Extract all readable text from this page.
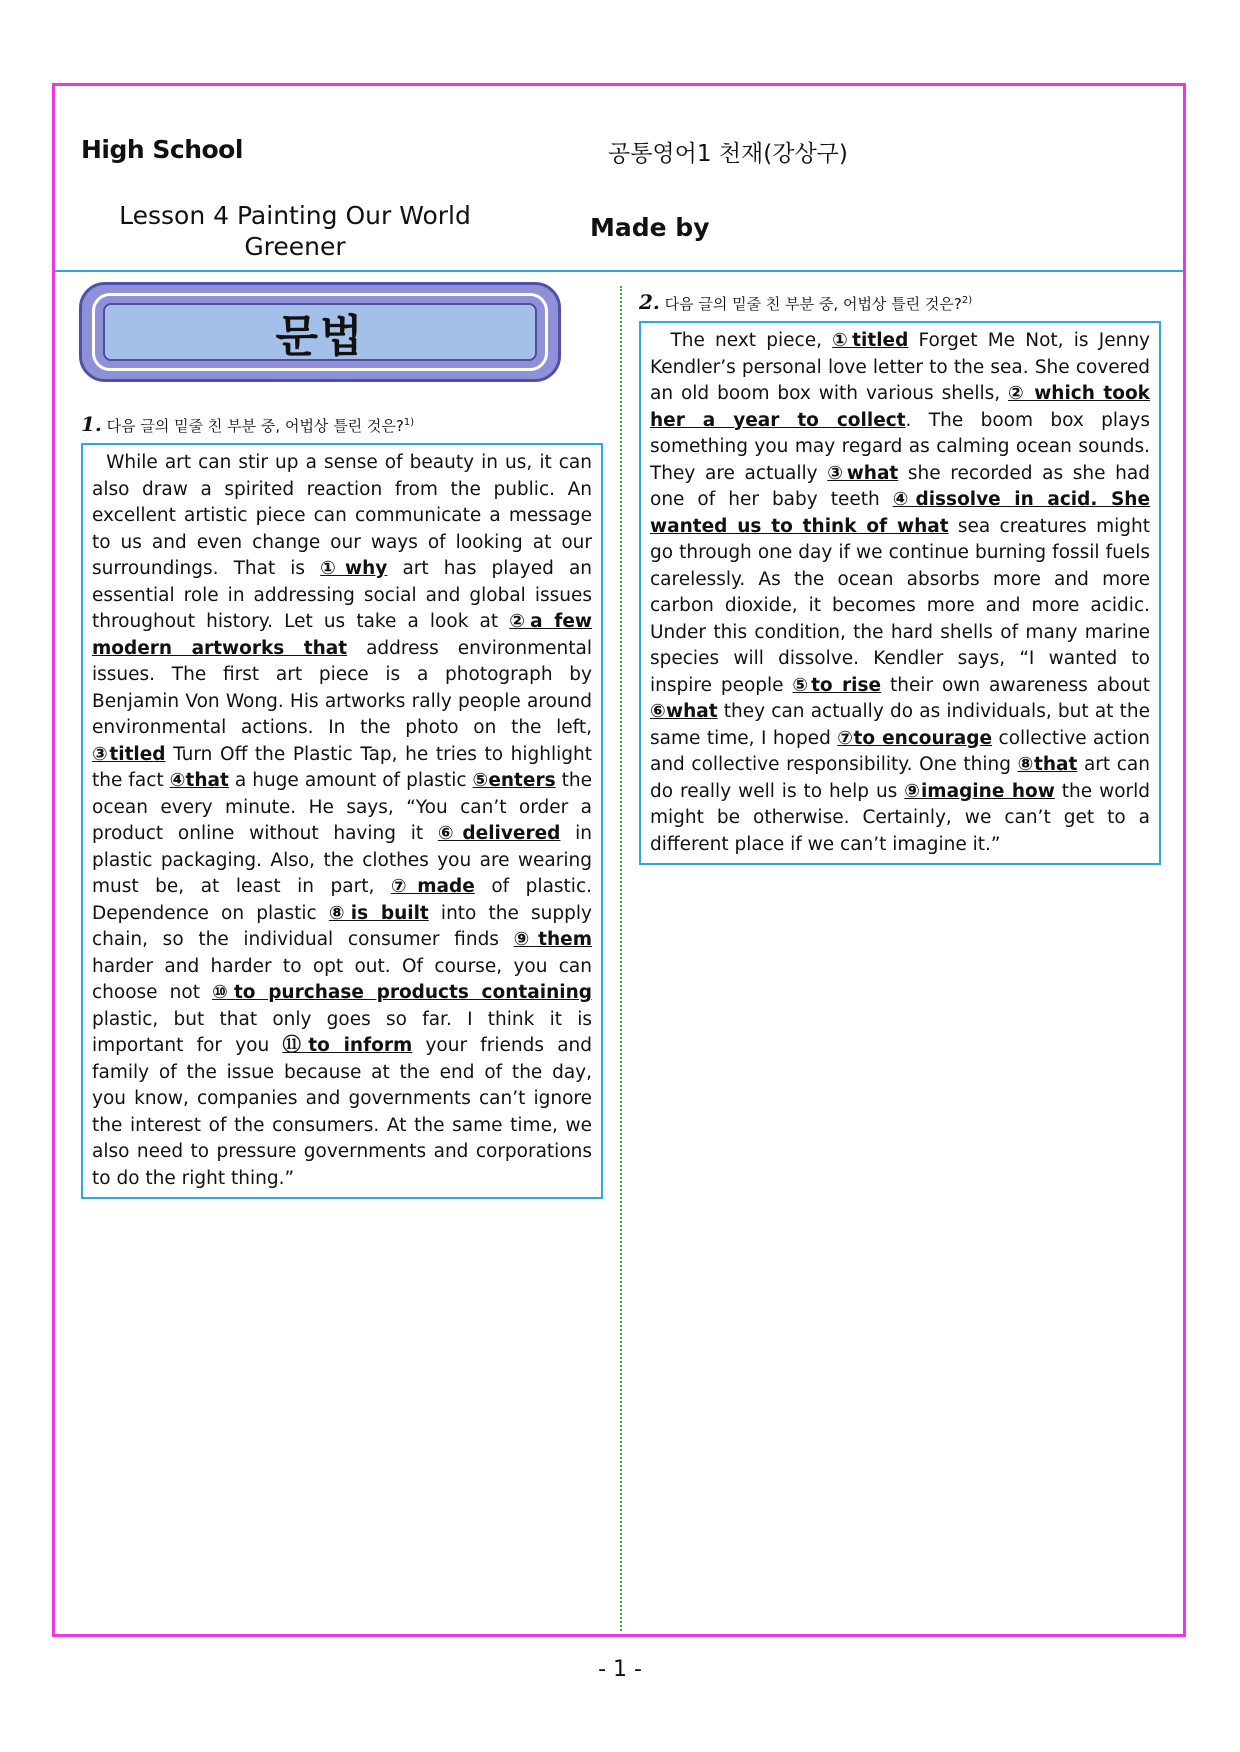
High School	공통영어1 천재(강상구)
Lesson 4 Painting Our World Greener
Made by
문법
1. 다음 글의 밑줄 친 부분 중, 어법상 틀린 것은?$^{1)}$
While art can stir up a sense of beauty in us, it can also draw a spirited reaction from the public. An excellent artistic piece can communicate a message to us and even change our ways of looking at our surroundings. That is ①why art has played an essential role in addressing social and global issues throughout history. Let us take a look at ②a few modern artworks that address environmental issues. The first art piece is a photograph by Benjamin Von Wong. His artworks rally people around environmental actions. In the photo on the left, ③titled Turn Off the Plastic Tap, he tries to highlight the fact ④that a huge amount of plastic ⑤enters the ocean every minute. He says, “You can’t order a product online without having it ⑥delivered in plastic packaging. Also, the clothes you are wearing must be, at least in part, ⑦made of plastic. Dependence on plastic ⑧is built into the supply chain, so the individual consumer finds ⑨them harder and harder to opt out. Of course, you can choose not ⑩to purchase products containing plastic, but that only goes so far. I think it is important for you ⑪to inform your friends and family of the issue because at the end of the day, you know, companies and governments can’t ignore the interest of the consumers. At the same time, we also need to pressure governments and corporations to do the right thing.”
2. 다음 글의 밑줄 친 부분 중, 어법상 틀린 것은?$^{2)}$
The next piece, ①titled Forget Me Not, is Jenny Kendler’s personal love letter to the sea. She covered an old boom box with various shells, ② which took her a year to collect. The boom box plays something you may regard as calming ocean sounds. They are actually ③what she recorded as she had one of her baby teeth ④dissolve in acid. She wanted us to think of what sea creatures might go through one day if we continue burning fossil fuels carelessly. As the ocean absorbs more and more carbon dioxide, it becomes more and more acidic. Under this condition, the hard shells of many marine species will dissolve. Kendler says, “I wanted to inspire people ⑤to rise their own awareness about ⑥what they can actually do as individuals, but at the same time, I hoped ⑦to encourage collective action and collective responsibility. One thing ⑧that art can do really well is to help us ⑨imagine how the world might be otherwise. Certainly, we can’t get to a different place if we can’t imagine it.”
- 1 -
